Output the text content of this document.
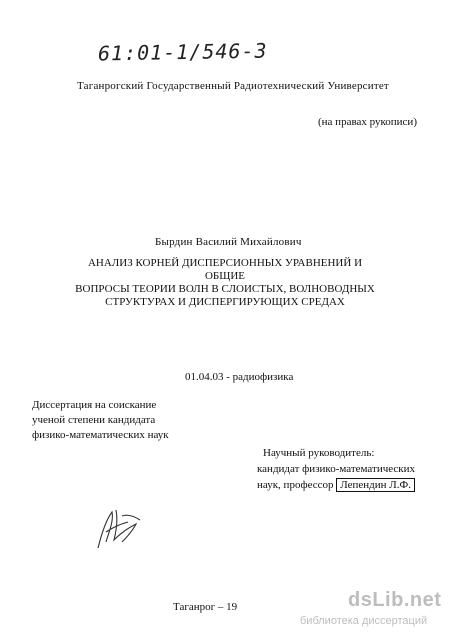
61:01-1/546-3
Таганрогский Государственный Радиотехнический Университет
(на правах рукописи)
Бырдин Василий Михайлович
АНАЛИЗ КОРНЕЙ ДИСПЕРСИОННЫХ УРАВНЕНИЙ И ОБЩИЕ
ВОПРОСЫ ТЕОРИИ ВОЛН В СЛОИСТЫХ, ВОЛНОВОДНЫХ
СТРУКТУРАХ И ДИСПЕРГИРУЮЩИХ СРЕДАХ
01.04.03 - радиофизика
Диссертация на соискание
ученой степени кандидата
физико-математических наук
Научный руководитель:
кандидат физико-математических
наук, профессор Лепендин Л.Ф.
Таганрог – 19	dsLib.net
библиотека диссертаций
